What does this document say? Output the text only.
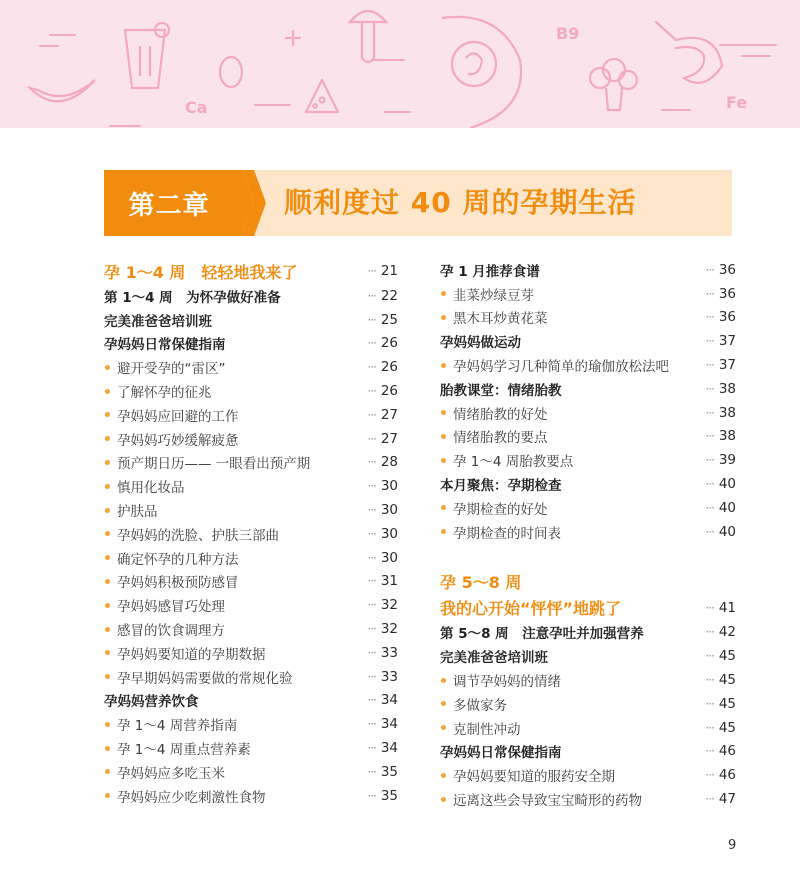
Ca
B9
Fe
第二章	顺利度过 40 周的孕期生活
孕 1～4 周　轻轻地我来了	··· 21
第 1～4 周　为怀孕做好准备	··· 22
完美准爸爸培训班	··· 25
孕妈妈日常保健指南	··· 26
避开受孕的“雷区”	··· 26
了解怀孕的征兆	··· 26
孕妈妈应回避的工作	··· 27
孕妈妈巧妙缓解疲惫	··· 27
预产期日历—— 一眼看出预产期	··· 28
慎用化妆品	··· 30
护肤品	··· 30
孕妈妈的洗脸、护肤三部曲	··· 30
确定怀孕的几种方法	··· 30
孕妈妈积极预防感冒	··· 31
孕妈妈感冒巧处理	··· 32
感冒的饮食调理方	··· 32
孕妈妈要知道的孕期数据	··· 33
孕早期妈妈需要做的常规化验	··· 33
孕妈妈营养饮食	··· 34
孕 1～4 周营养指南	··· 34
孕 1～4 周重点营养素	··· 34
孕妈妈应多吃玉米	··· 35
孕妈妈应少吃刺激性食物	··· 35
孕 1 月推荐食谱	··· 36
韭菜炒绿豆芽	··· 36
黑木耳炒黄花菜	··· 36
孕妈妈做运动	··· 37
孕妈妈学习几种简单的瑜伽放松法吧	··· 37
胎教课堂：情绪胎教	··· 38
情绪胎教的好处	··· 38
情绪胎教的要点	··· 38
孕 1～4 周胎教要点	··· 39
本月聚焦：孕期检查	··· 40
孕期检查的好处	··· 40
孕期检查的时间表	··· 40
孕 5～8 周
我的心开始“怦怦”地跳了	··· 41
第 5～8 周　注意孕吐并加强营养	··· 42
完美准爸爸培训班	··· 45
调节孕妈妈的情绪	··· 45
多做家务	··· 45
克制性冲动	··· 45
孕妈妈日常保健指南	··· 46
孕妈妈要知道的服药安全期	··· 46
远离这些会导致宝宝畸形的药物	··· 47
9
